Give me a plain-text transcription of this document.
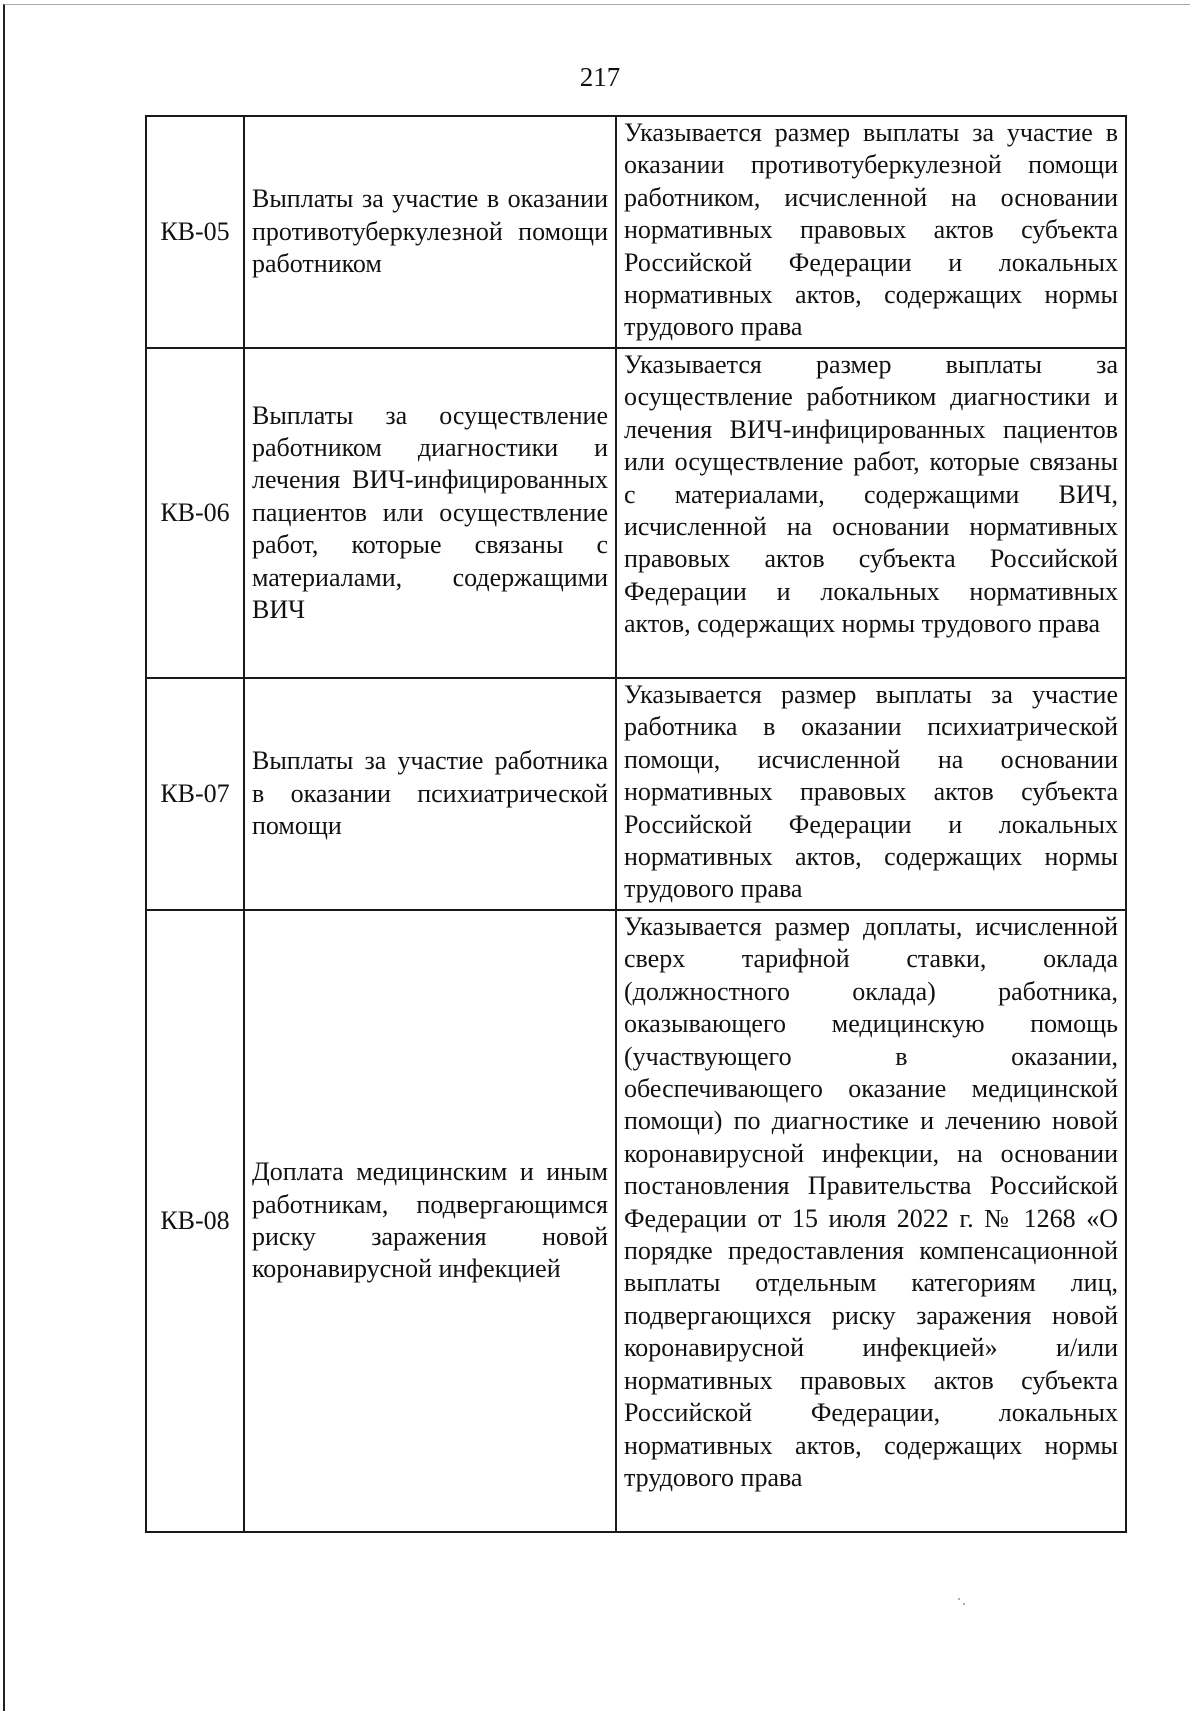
217
КВ-05	Выплаты за участие в оказании противотуберкулезной помощи работником	Указывается размер выплаты за участие в оказании противотуберкулезной помощи работником, исчисленной на основании нормативных правовых актов субъекта Российской Федерации и локальных нормативных актов, содержащих нормы трудового права
КВ-06	Выплаты за осуществление работником диагностики и лечения ВИЧ-инфицированных пациентов или осуществление работ, которые связаны с материалами, содержащими ВИЧ	Указывается размер выплаты за осуществление работником диагностики и лечения ВИЧ-инфицированных пациентов или осуществление работ, которые связаны с материалами, содержащими ВИЧ, исчисленной на основании нормативных правовых актов субъекта Российской Федерации и локальных нормативных актов, содержащих нормы трудового права
КВ-07	Выплаты за участие работника в оказании психиатрической помощи	Указывается размер выплаты за участие работника в оказании психиатрической помощи, исчисленной на основании нормативных правовых актов субъекта Российской Федерации и локальных нормативных актов, содержащих нормы трудового права
КВ-08	Доплата медицинским и иным работникам, подвергающимся риску заражения новой коронавирусной инфекцией	Указывается размер доплаты, исчисленной сверх тарифной ставки, оклада (должностного оклада) работника, оказывающего медицинскую помощь (участвующего в оказании, обеспечивающего оказание медицинской помощи) по диагностике и лечению новой коронавирусной инфекции, на основании постановления Правительства Российской Федерации от 15 июля 2022 г. № 1268 «О порядке предоставления компенсационной выплаты отдельным категориям лиц, подвергающихся риску заражения новой коронавирусной инфекцией» и/или нормативных правовых актов субъекта Российской Федерации, локальных нормативных актов, содержащих нормы трудового права
